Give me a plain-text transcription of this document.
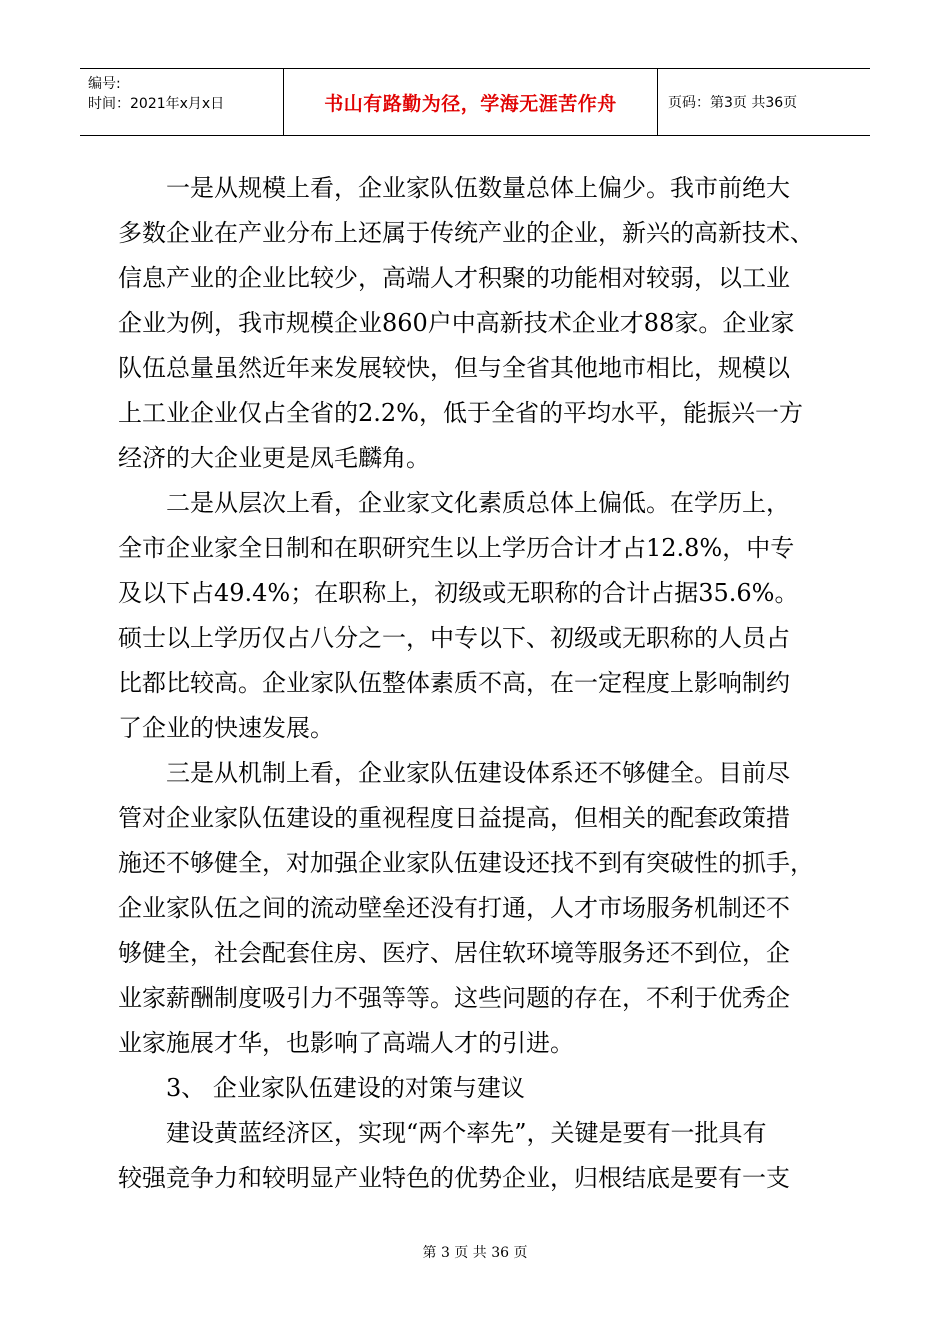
编号:
时间：2021年x月x日	书山有路勤为径，学海无涯苦作舟	页码：第3页 共36页
一是从规模上看，企业家队伍数量总体上偏少。我市前绝大
多数企业在产业分布上还属于传统产业的企业，新兴的高新技术、
信息产业的企业比较少，高端人才积聚的功能相对较弱，以工业
企业为例，我市规模企业860户中高新技术企业才88家。企业家
队伍总量虽然近年来发展较快，但与全省其他地市相比，规模以
上工业企业仅占全省的2.2%，低于全省的平均水平，能振兴一方
经济的大企业更是凤毛麟角。
二是从层次上看，企业家文化素质总体上偏低。在学历上，
全市企业家全日制和在职研究生以上学历合计才占12.8%，中专
及以下占49.4%；在职称上，初级或无职称的合计占据35.6%。
硕士以上学历仅占八分之一，中专以下、初级或无职称的人员占
比都比较高。企业家队伍整体素质不高，在一定程度上影响制约
了企业的快速发展。
三是从机制上看，企业家队伍建设体系还不够健全。目前尽
管对企业家队伍建设的重视程度日益提高，但相关的配套政策措
施还不够健全，对加强企业家队伍建设还找不到有突破性的抓手，
企业家队伍之间的流动壁垒还没有打通，人才市场服务机制还不
够健全，社会配套住房、医疗、居住软环境等服务还不到位，企
业家薪酬制度吸引力不强等等。这些问题的存在，不利于优秀企
业家施展才华，也影响了高端人才的引进。
3、 企业家队伍建设的对策与建议
建设黄蓝经济区，实现“两个率先”，关键是要有一批具有
较强竞争力和较明显产业特色的优势企业，归根结底是要有一支
第 3 页 共 36 页
